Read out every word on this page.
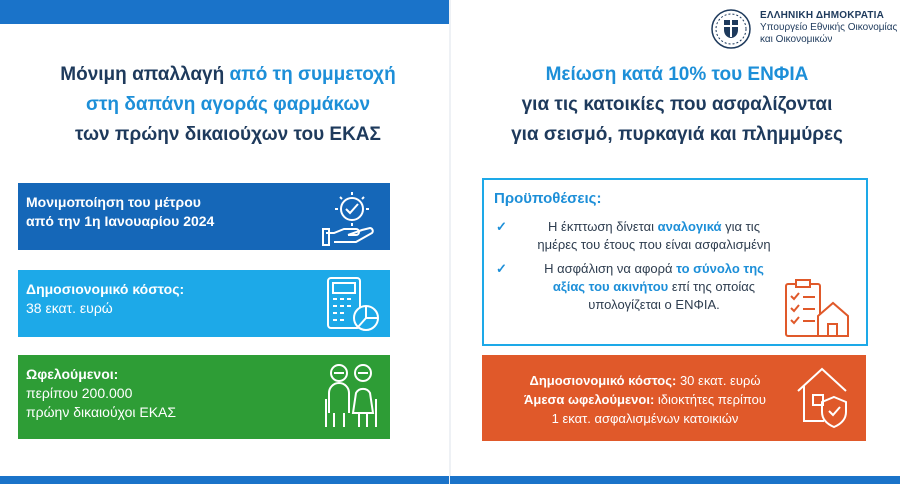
Μόνιμη απαλλαγή από τη συμμετοχή
στη δαπάνη αγοράς φαρμάκων
των πρώην δικαιούχων του ΕΚΑΣ
Μονιμοποίηση του μέτρου
από την 1η Ιανουαρίου 2024
Δημοσιονομικό κόστος:
38 εκατ. ευρώ
Ωφελούμενοι:
περίπου 200.000
πρώην δικαιούχοι ΕΚΑΣ
ΕΛΛΗΝΙΚΗ ΔΗΜΟΚΡΑΤΙΑ
Υπουργείο Εθνικής Οικονομίας
και Οικονομικών
Μείωση κατά 10% του ΕΝΦΙΑ
για τις κατοικίες που ασφαλίζονται
για σεισμό, πυρκαγιά και πλημμύρες
Προϋποθέσεις:
✓	Η έκπτωση δίνεται αναλογικά για τις
ημέρες του έτους που είναι ασφαλισμένη
✓	Η ασφάλιση να αφορά το σύνολο της
αξίας του ακινήτου επί της οποίας
υπολογίζεται ο ΕΝΦΙΑ.
Δημοσιονομικό κόστος: 30 εκατ. ευρώ
Άμεσα ωφελούμενοι: ιδιοκτήτες περίπου
1 εκατ. ασφαλισμένων κατοικιών
